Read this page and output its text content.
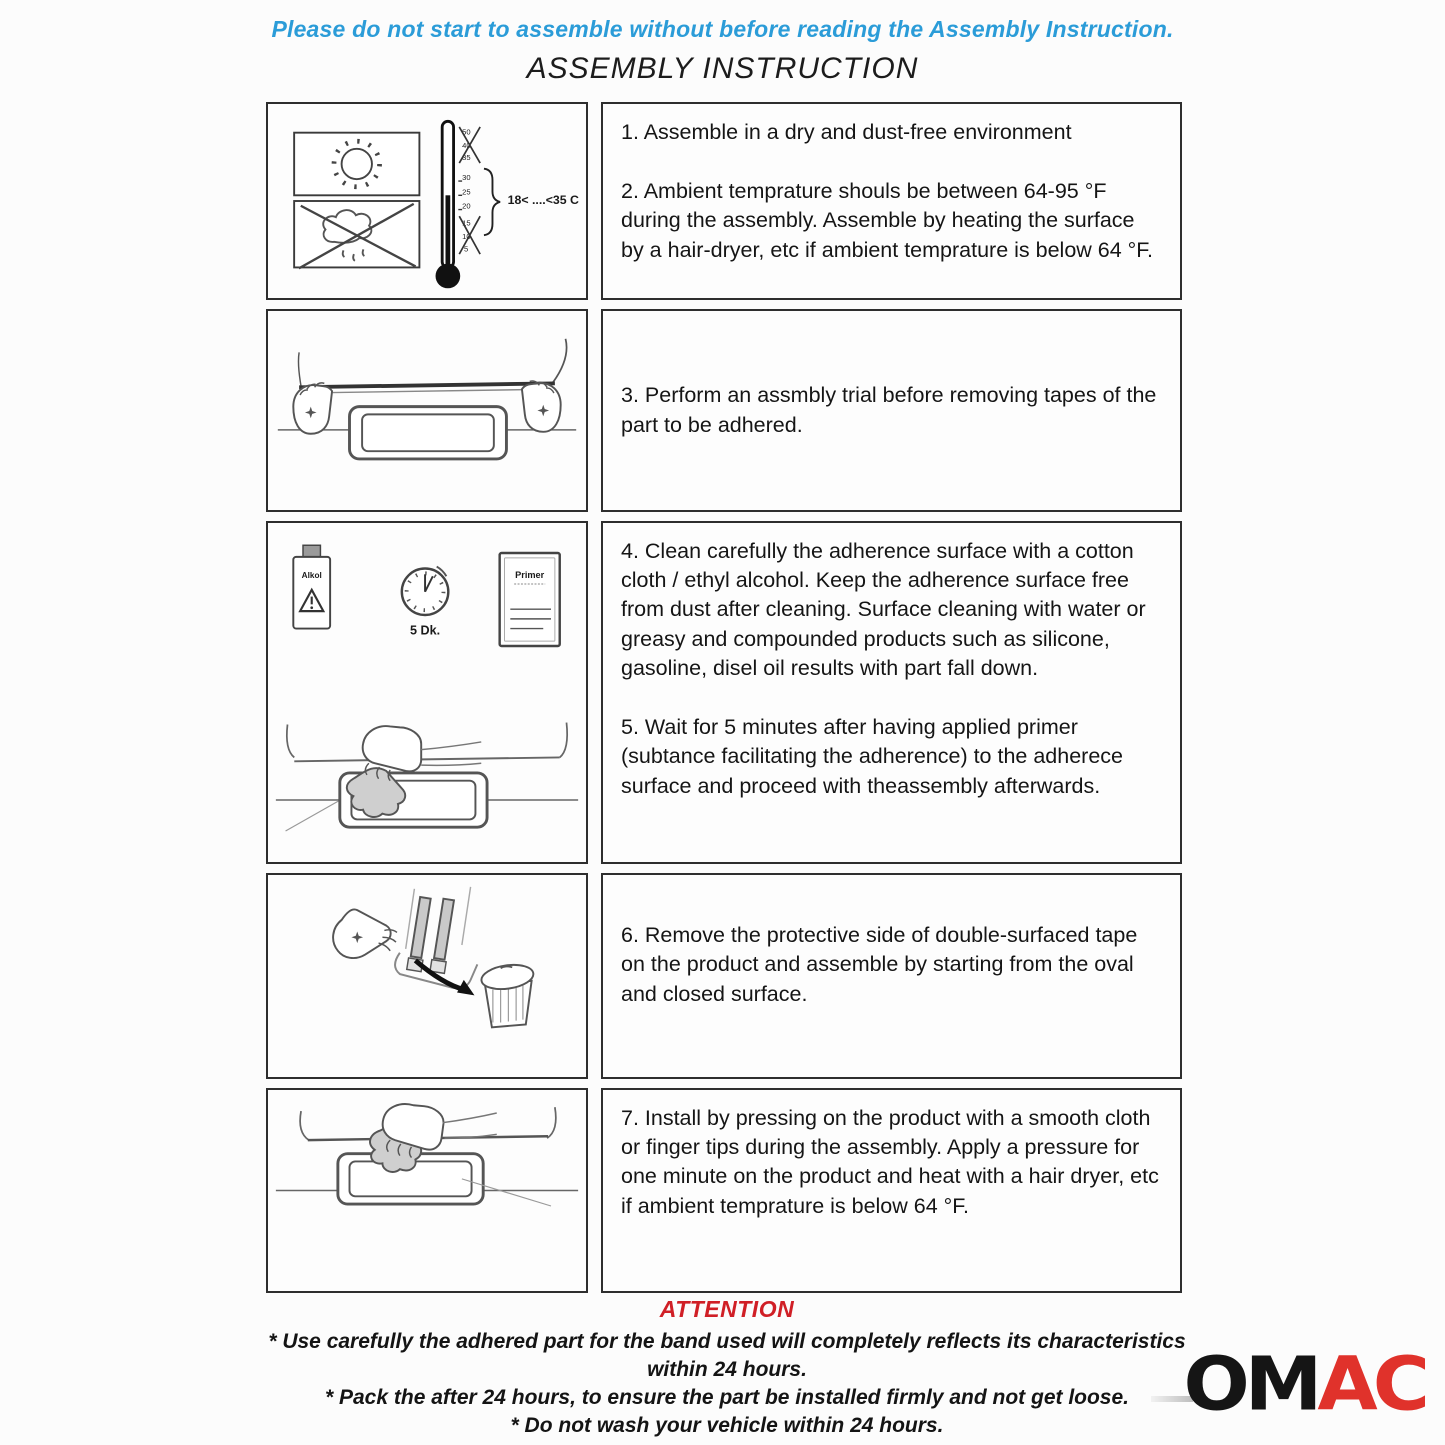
Please do not start to assemble without before reading the Assembly Instruction.
ASSEMBLY INSTRUCTION
50
40
35
30
25
20
15
10
5
18< ....<35 C

1. Assemble in a dry and dust-free environment

2. Ambient temprature shouls be between 64-95 °F during the assembly. Assemble by heating the surface by a hair-dryer, etc if ambient temprature is below 64 °F.

3. Perform an assmbly trial before removing tapes of the part to be adhered.

Alkol
5 Dk.
Primer

4. Clean carefully the adherence surface with a cotton cloth / ethyl alcohol. Keep the adherence surface free from dust after cleaning. Surface cleaning with water or greasy and compounded products such as silicone, gasoline, disel oil results with part fall down.

5. Wait for 5 minutes after having applied primer (subtance facilitating the adherence) to the adherece surface and proceed with theassembly afterwards.

6. Remove the protective side of double-surfaced tape on the product and assemble by starting from the oval and closed surface.

7. Install by pressing on the product with a smooth cloth or finger tips during the assembly. Apply a pressure for one minute on the product and heat with a hair dryer, etc if ambient temprature is below 64 °F.

ATTENTION
* Use carefully the adhered part for the band used will completely reflects its characteristics within 24 hours.
* Pack the after 24 hours, to ensure the part be installed firmly and not get loose.
* Do not wash your vehicle within 24 hours.	OMAC
